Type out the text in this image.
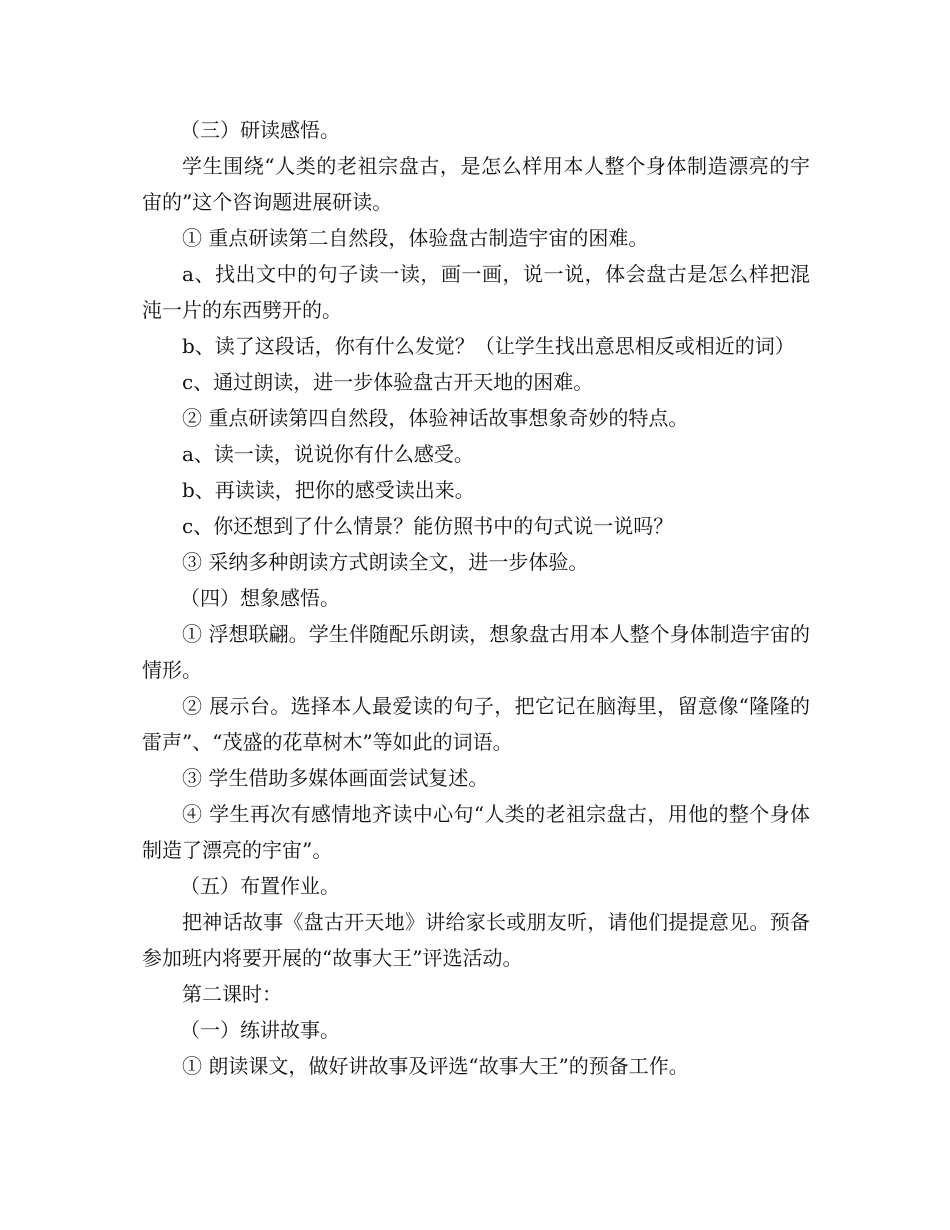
（三）研读感悟。

学生围绕“人类的老祖宗盘古，是怎么样用本人整个身体制造漂亮的宇宙的”这个咨询题进展研读。

① 重点研读第二自然段，体验盘古制造宇宙的困难。

a、找出文中的句子读一读，画一画，说一说，体会盘古是怎么样把混沌一片的东西劈开的。

b、读了这段话，你有什么发觉？（让学生找出意思相反或相近的词）

c、通过朗读，进一步体验盘古开天地的困难。

② 重点研读第四自然段，体验神话故事想象奇妙的特点。

a、读一读，说说你有什么感受。

b、再读读，把你的感受读出来。

c、你还想到了什么情景？能仿照书中的句式说一说吗？

③ 采纳多种朗读方式朗读全文，进一步体验。

（四）想象感悟。

① 浮想联翩。学生伴随配乐朗读，想象盘古用本人整个身体制造宇宙的情形。

② 展示台。选择本人最爱读的句子，把它记在脑海里，留意像“隆隆的雷声”、“茂盛的花草树木”等如此的词语。

③ 学生借助多媒体画面尝试复述。

④ 学生再次有感情地齐读中心句“人类的老祖宗盘古，用他的整个身体制造了漂亮的宇宙”。

（五）布置作业。

把神话故事《盘古开天地》讲给家长或朋友听，请他们提提意见。预备参加班内将要开展的“故事大王”评选活动。

第二课时：

（一）练讲故事。

① 朗读课文，做好讲故事及评选“故事大王”的预备工作。
